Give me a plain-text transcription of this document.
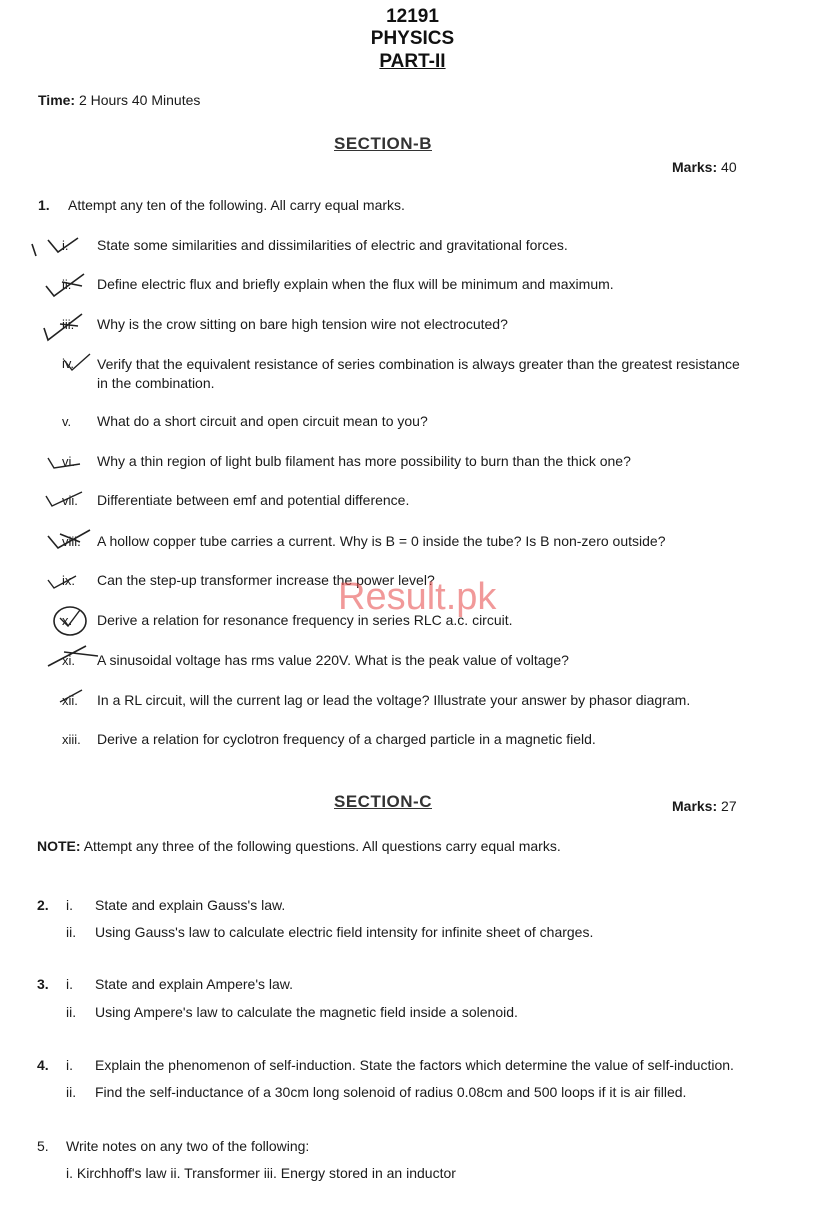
12191
PHYSICS
PART-II
Time: 2 Hours 40 Minutes
SECTION-B
Marks: 40
1. Attempt any ten of the following. All carry equal marks.
i. State some similarities and dissimilarities of electric and gravitational forces.
ii. Define electric flux and briefly explain when the flux will be minimum and maximum.
iii. Why is the crow sitting on bare high tension wire not electrocuted?
iv. Verify that the equivalent resistance of series combination is always greater than the greatest resistance in the combination.
v. What do a short circuit and open circuit mean to you?
vi. Why a thin region of light bulb filament has more possibility to burn than the thick one?
vii. Differentiate between emf and potential difference.
viii. A hollow copper tube carries a current. Why is B = 0 inside the tube? Is B non-zero outside?
ix. Can the step-up transformer increase the power level?
x. Derive a relation for resonance frequency in series RLC a.c. circuit.
xi. A sinusoidal voltage has rms value 220V. What is the peak value of voltage?
xii. In a RL circuit, will the current lag or lead the voltage? Illustrate your answer by phasor diagram.
xiii. Derive a relation for cyclotron frequency of a charged particle in a magnetic field.
Result.pk
SECTION-C	Marks: 27
NOTE: Attempt any three of the following questions. All questions carry equal marks.
2. i. State and explain Gauss's law.
ii. Using Gauss's law to calculate electric field intensity for infinite sheet of charges.
3. i. State and explain Ampere's law.
ii. Using Ampere's law to calculate the magnetic field inside a solenoid.
4. i. Explain the phenomenon of self-induction. State the factors which determine the value of self-induction.
ii. Find the self-inductance of a 30cm long solenoid of radius 0.08cm and 500 loops if it is air filled.
5. Write notes on any two of the following:
i. Kirchhoff's law ii. Transformer iii. Energy stored in an inductor
